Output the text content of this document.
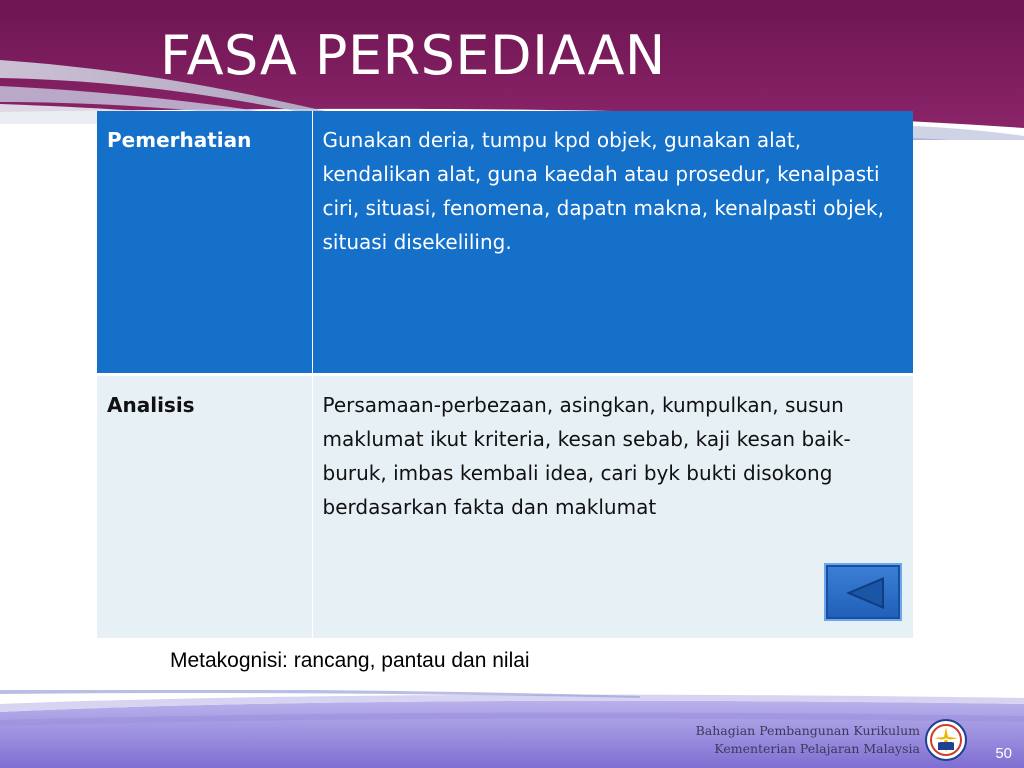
FASA PERSEDIAAN
Pemerhatian	Gunakan deria, tumpu kpd objek, gunakan alat, kendalikan alat, guna kaedah atau prosedur, kenalpasti ciri, situasi, fenomena, dapatn makna, kenalpasti objek, situasi disekeliling.
Analisis	Persamaan-perbezaan, asingkan, kumpulkan, susun maklumat ikut kriteria, kesan sebab, kaji kesan baik-buruk, imbas kembali idea, cari byk bukti disokong berdasarkan fakta dan maklumat

Metakognisi: rancang, pantau dan nilai

Bahagian Pembangunan Kurikulum
Kementerian Pelajaran Malaysia	50
